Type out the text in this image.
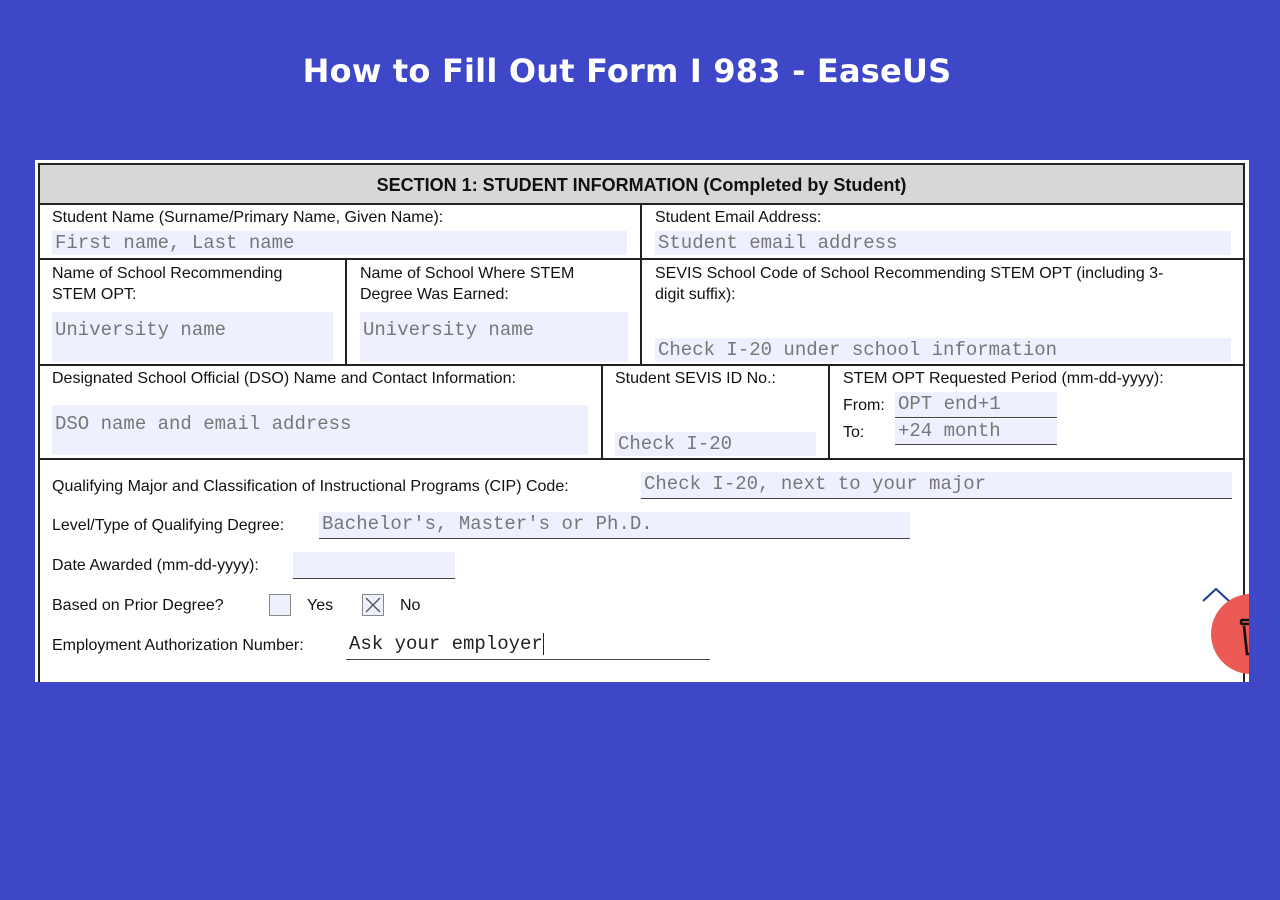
How to Fill Out Form I 983 - EaseUS
SECTION 1: STUDENT INFORMATION (Completed by Student)
Student Name (Surname/Primary Name, Given Name):
First name, Last name
Student Email Address:
Student email address
Name of School Recommending
STEM OPT:
University name
Name of School Where STEM
Degree Was Earned:
University name
SEVIS School Code of School Recommending STEM OPT (including 3-
digit suffix):
Check I-20 under school information
Designated School Official (DSO) Name and Contact Information:
DSO name and email address
Student SEVIS ID No.:
Check I-20
STEM OPT Requested Period (mm-dd-yyyy):
From: OPT end+1
To: +24 month
Qualifying Major and Classification of Instructional Programs (CIP) Code:	Check I-20, next to your major
Level/Type of Qualifying Degree: Bachelor's, Master's or Ph.D.
Date Awarded (mm-dd-yyyy):
Based on Prior Degree?	Yes	No
Employment Authorization Number: Ask your employer
